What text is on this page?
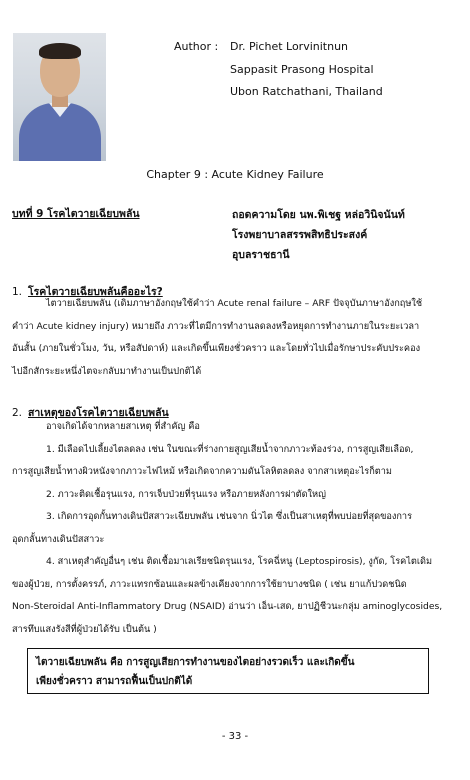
Author : Dr. Pichet Lorvinitnun
Sappasit Prasong Hospital
Ubon Ratchathani, Thailand
Chapter 9 : Acute Kidney Failure
บทที่ 9 โรคไตวายเฉียบพลัน	ถอดความโดย นพ.พิเชฐ หล่อวินิจนันท์
โรงพยาบาลสรรพสิทธิประสงค์
อุบลราชธานี
1. โรคไตวายเฉียบพลันคืออะไร?
ไตวายเฉียบพลัน (เดิมภาษาอังกฤษใช้คำว่า Acute renal failure – ARF ปัจจุบันภาษาอังกฤษใช้
คำว่า Acute kidney injury) หมายถึง ภาวะที่ไตมีการทำงานลดลงหรือหยุดการทำงานภายในระยะเวลา
อันสั้น (ภายในชั่วโมง, วัน, หรือสัปดาห์) และเกิดขึ้นเพียงชั่วคราว และโดยทั่วไปเมื่อรักษาประคับประคอง
ไปอีกสักระยะหนึ่งไตจะกลับมาทำงานเป็นปกติได้
2. สาเหตุของโรคไตวายเฉียบพลัน
อาจเกิดได้จากหลายสาเหตุ ที่สำคัญ คือ
1. มีเลือดไปเลี้ยงไตลดลง เช่น ในขณะที่ร่างกายสูญเสียน้ำจากภาวะท้องร่วง, การสูญเสียเลือด,
การสูญเสียน้ำทางผิวหนังจากภาวะไฟไหม้ หรือเกิดจากความดันโลหิตลดลง จากสาเหตุอะไรก็ตาม
2. ภาวะติดเชื้อรุนแรง, การเจ็บป่วยที่รุนแรง หรือภายหลังการผ่าตัดใหญ่
3. เกิดการอุดกั้นทางเดินปัสสาวะเฉียบพลัน เช่นจาก นิ่วไต ซึ่งเป็นสาเหตุที่พบบ่อยที่สุดของการ
อุดกลั้นทางเดินปัสสาวะ
4. สาเหตุสำคัญอื่นๆ เช่น ติดเชื้อมาเลเรียชนิดรุนแรง, โรคฉี่หนู (Leptospirosis), งูกัด, โรคไตเดิม
ของผู้ป่วย, การตั้งครรภ์, ภาวะแทรกซ้อนและผลข้างเคียงจากการใช้ยาบางชนิด ( เช่น ยาแก้ปวดชนิด
Non-Steroidal Anti-Inflammatory Drug (NSAID) อ่านว่า เอ็น-เสด, ยาปฏิชีวนะกลุ่ม aminoglycosides,
สารทึบแสงรังสีที่ผู้ป่วยได้รับ เป็นต้น )
ไตวายเฉียบพลัน คือ การสูญเสียการทำงานของไตอย่างรวดเร็ว และเกิดขึ้น
เพียงชั่วคราว สามารถฟื้นเป็นปกติได้
- 33 -
